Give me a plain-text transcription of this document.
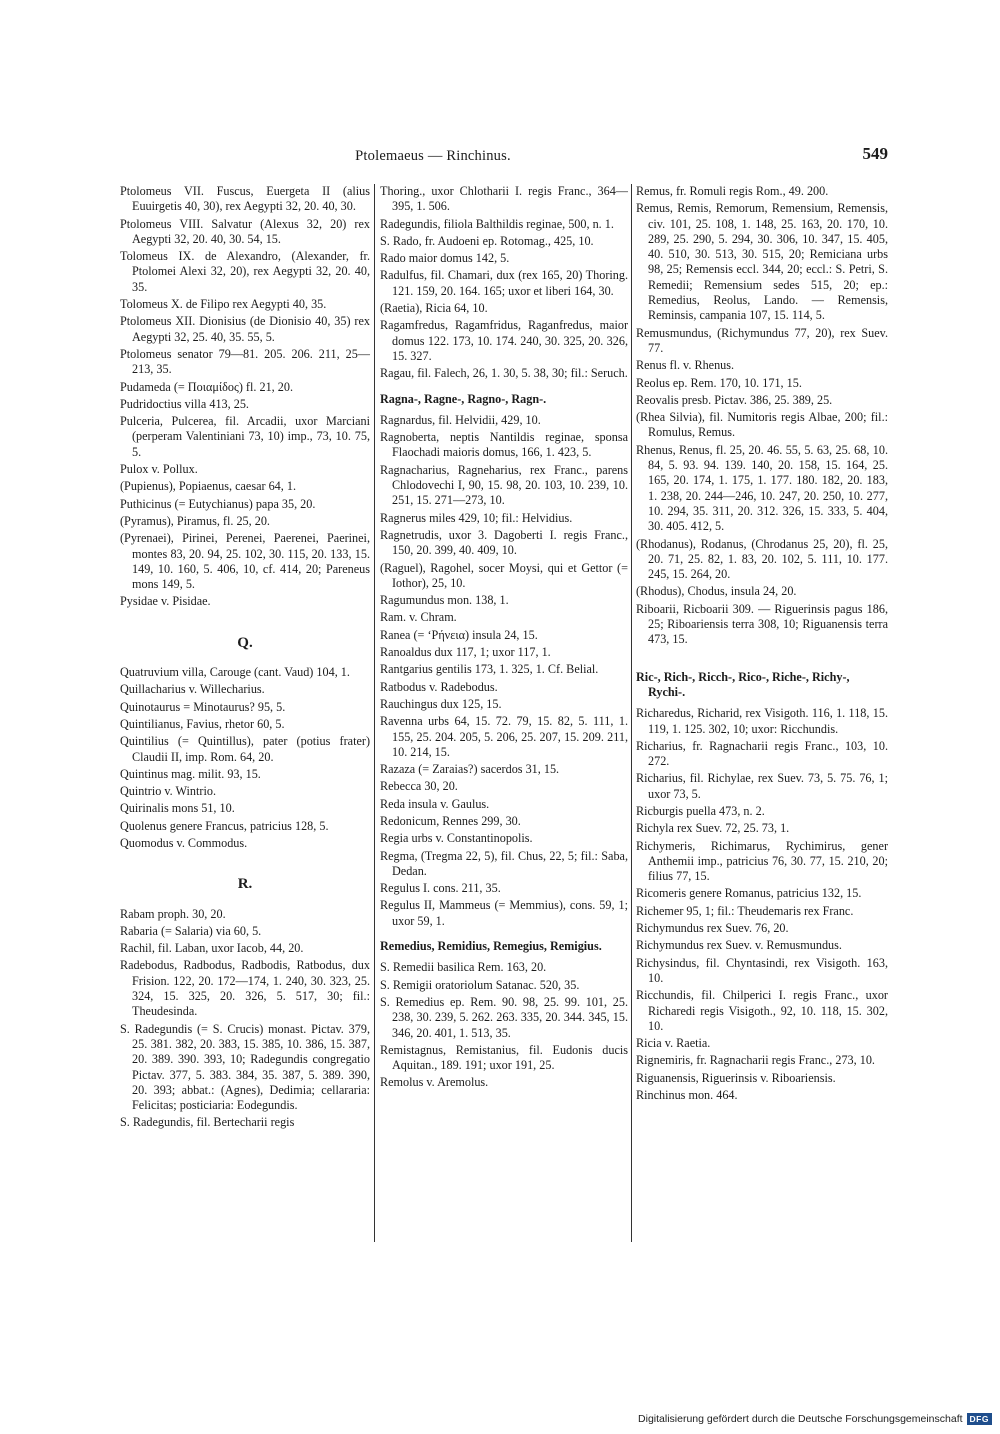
Ptolemaeus — Rinchinus.	549
Ptolomeus VII. Fuscus, Euergeta II (alius Euuirgetis 40, 30), rex Aegypti 32, 20. 40, 30.
Ptolomeus VIII. Salvatur (Alexus 32, 20) rex Aegypti 32, 20. 40, 30. 54, 15.
Tolomeus IX. de Alexandro, (Alexander, fr. Ptolomei Alexi 32, 20), rex Aegypti 32, 20. 40, 35.
Tolomeus X. de Filipo rex Aegypti 40, 35.
Ptolomeus XII. Dionisius (de Dionisio 40, 35) rex Aegypti 32, 25. 40, 35. 55, 5.
Ptolomeus senator 79—81. 205. 206. 211, 25—213, 35.
Pudameda (= Ποιαμίδος) fl. 21, 20.
Pudridoctius villa 413, 25.
Pulceria, Pulcerea, fil. Arcadii, uxor Marciani (perperam Valentiniani 73, 10) imp., 73, 10. 75, 5.
Pulox v. Pollux.
(Pupienus), Popiaenus, caesar 64, 1.
Puthicinus (= Eutychianus) papa 35, 20.
(Pyramus), Piramus, fl. 25, 20.
(Pyrenaei), Pirinei, Perenei, Paerenei, Paerinei, montes 83, 20. 94, 25. 102, 30. 115, 20. 133, 15. 149, 10. 160, 5. 406, 10, cf. 414, 20; Pareneus mons 149, 5.
Pysidae v. Pisidae.
Q.
Quatruvium villa, Carouge (cant. Vaud) 104, 1.
Quillacharius v. Willecharius.
Quinotaurus = Minotaurus? 95, 5.
Quintilianus, Favius, rhetor 60, 5.
Quintilius (= Quintillus), pater (potius frater) Claudii II, imp. Rom. 64, 20.
Quintinus mag. milit. 93, 15.
Quintrio v. Wintrio.
Quirinalis mons 51, 10.
Quolenus genere Francus, patricius 128, 5.
Quomodus v. Commodus.
R.
Rabam proph. 30, 20.
Rabaria (= Salaria) via 60, 5.
Rachil, fil. Laban, uxor Iacob, 44, 20.
Radebodus, Radbodus, Radbodis, Ratbodus, dux Frision. 122, 20. 172—174, 1. 240, 30. 323, 25. 324, 15. 325, 20. 326, 5. 517, 30; fil.: Theudesinda.
S. Radegundis (= S. Crucis) monast. Pictav. 379, 25. 381. 382, 20. 383, 15. 385, 10. 386, 15. 387, 20. 389. 390. 393, 10; Radegundis congregatio Pictav. 377, 5. 383. 384, 35. 387, 5. 389. 390, 20. 393; abbat.: (Agnes), Dedimia; cellararia: Felicitas; posticiaria: Eodegundis.
S. Radegundis, fil. Bertecharii regis
Thoring., uxor Chlotharii I. regis Franc., 364—395, 1. 506.
Radegundis, filiola Balthildis reginae, 500, n. 1.
S. Rado, fr. Audoeni ep. Rotomag., 425, 10.
Rado maior domus 142, 5.
Radulfus, fil. Chamari, dux (rex 165, 20) Thoring. 121. 159, 20. 164. 165; uxor et liberi 164, 30.
(Raetia), Ricia 64, 10.
Ragamfredus, Ragamfridus, Raganfredus, maior domus 122. 173, 10. 174. 240, 30. 325, 20. 326, 15. 327.
Ragau, fil. Falech, 26, 1. 30, 5. 38, 30; fil.: Seruch.
Ragna-, Ragne-, Ragno-, Ragn-.
Ragnardus, fil. Helvidii, 429, 10.
Ragnoberta, neptis Nantildis reginae, sponsa Flaochadi maioris domus, 166, 1. 423, 5.
Ragnacharius, Ragneharius, rex Franc., parens Chlodovechi I, 90, 15. 98, 20. 103, 10. 239, 10. 251, 15. 271—273, 10.
Ragnerus miles 429, 10; fil.: Helvidius.
Ragnetrudis, uxor 3. Dagoberti I. regis Franc., 150, 20. 399, 40. 409, 10.
(Raguel), Ragohel, socer Moysi, qui et Gettor (= Iothor), 25, 10.
Ragumundus mon. 138, 1.
Ram. v. Chram.
Ranea (= ʻΡήνεια) insula 24, 15.
Ranoaldus dux 117, 1; uxor 117, 1.
Rantgarius gentilis 173, 1. 325, 1. Cf. Belial.
Ratbodus v. Radebodus.
Rauchingus dux 125, 15.
Ravenna urbs 64, 15. 72. 79, 15. 82, 5. 111, 1. 155, 25. 204. 205, 5. 206, 25. 207, 15. 209. 211, 10. 214, 15.
Razaza (= Zaraias?) sacerdos 31, 15.
Rebecca 30, 20.
Reda insula v. Gaulus.
Redonicum, Rennes 299, 30.
Regia urbs v. Constantinopolis.
Regma, (Tregma 22, 5), fil. Chus, 22, 5; fil.: Saba, Dedan.
Regulus I. cons. 211, 35.
Regulus II, Mammeus (= Memmius), cons. 59, 1; uxor 59, 1.
Remedius, Remidius, Remegius, Remigius.
S. Remedii basilica Rem. 163, 20.
S. Remigii oratoriolum Satanac. 520, 35.
S. Remedius ep. Rem. 90. 98, 25. 99. 101, 25. 238, 30. 239, 5. 262. 263. 335, 20. 344. 345, 15. 346, 20. 401, 1. 513, 35.
Remistagnus, Remistanius, fil. Eudonis ducis Aquitan., 189. 191; uxor 191, 25.
Remolus v. Aremolus.
Remus, fr. Romuli regis Rom., 49. 200.
Remus, Remis, Remorum, Remensium, Remensis, civ. 101, 25. 108, 1. 148, 25. 163, 20. 170, 10. 289, 25. 290, 5. 294, 30. 306, 10. 347, 15. 405, 40. 510, 30. 513, 30. 515, 20; Remiciana urbs 98, 25; Remensis eccl. 344, 20; eccl.: S. Petri, S. Remedii; Remensium sedes 515, 20; ep.: Remedius, Reolus, Lando. — Remensis, Reminsis, campania 107, 15. 114, 5.
Remusmundus, (Richymundus 77, 20), rex Suev. 77.
Renus fl. v. Rhenus.
Reolus ep. Rem. 170, 10. 171, 15.
Reovalis presb. Pictav. 386, 25. 389, 25.
(Rhea Silvia), fil. Numitoris regis Albae, 200; fil.: Romulus, Remus.
Rhenus, Renus, fl. 25, 20. 46. 55, 5. 63, 25. 68, 10. 84, 5. 93. 94. 139. 140, 20. 158, 15. 164, 25. 165, 20. 174, 1. 175, 1. 177. 180. 182, 20. 183, 1. 238, 20. 244—246, 10. 247, 20. 250, 10. 277, 10. 294, 35. 311, 20. 312. 326, 15. 333, 5. 404, 30. 405. 412, 5.
(Rhodanus), Rodanus, (Chrodanus 25, 20), fl. 25, 20. 71, 25. 82, 1. 83, 20. 102, 5. 111, 10. 177. 245, 15. 264, 20.
(Rhodus), Chodus, insula 24, 20.
Riboarii, Ricboarii 309. — Riguerinsis pagus 186, 25; Riboariensis terra 308, 10; Riguanensis terra 473, 15.
Ric-, Rich-, Ricch-, Rico-, Riche-, Richy-, Rychi-.
Richaredus, Richarid, rex Visigoth. 116, 1. 118, 15. 119, 1. 125. 302, 10; uxor: Ricchundis.
Richarius, fr. Ragnacharii regis Franc., 103, 10. 272.
Richarius, fil. Richylae, rex Suev. 73, 5. 75. 76, 1; uxor 73, 5.
Ricburgis puella 473, n. 2.
Richyla rex Suev. 72, 25. 73, 1.
Richymeris, Richimarus, Rychimirus, gener Anthemii imp., patricius 76, 30. 77, 15. 210, 20; filius 77, 15.
Ricomeris genere Romanus, patricius 132, 15.
Richemer 95, 1; fil.: Theudemaris rex Franc.
Richymundus rex Suev. 76, 20.
Richymundus rex Suev. v. Remusmundus.
Richysindus, fil. Chyntasindi, rex Visigoth. 163, 10.
Ricchundis, fil. Chilperici I. regis Franc., uxor Richaredi regis Visigoth., 92, 10. 118, 15. 302, 10.
Ricia v. Raetia.
Rignemiris, fr. Ragnacharii regis Franc., 273, 10.
Riguanensis, Riguerinsis v. Riboariensis.
Rinchinus mon. 464.
Digitalisierung gefördert durch die Deutsche Forschungsgemeinschaft DFG
